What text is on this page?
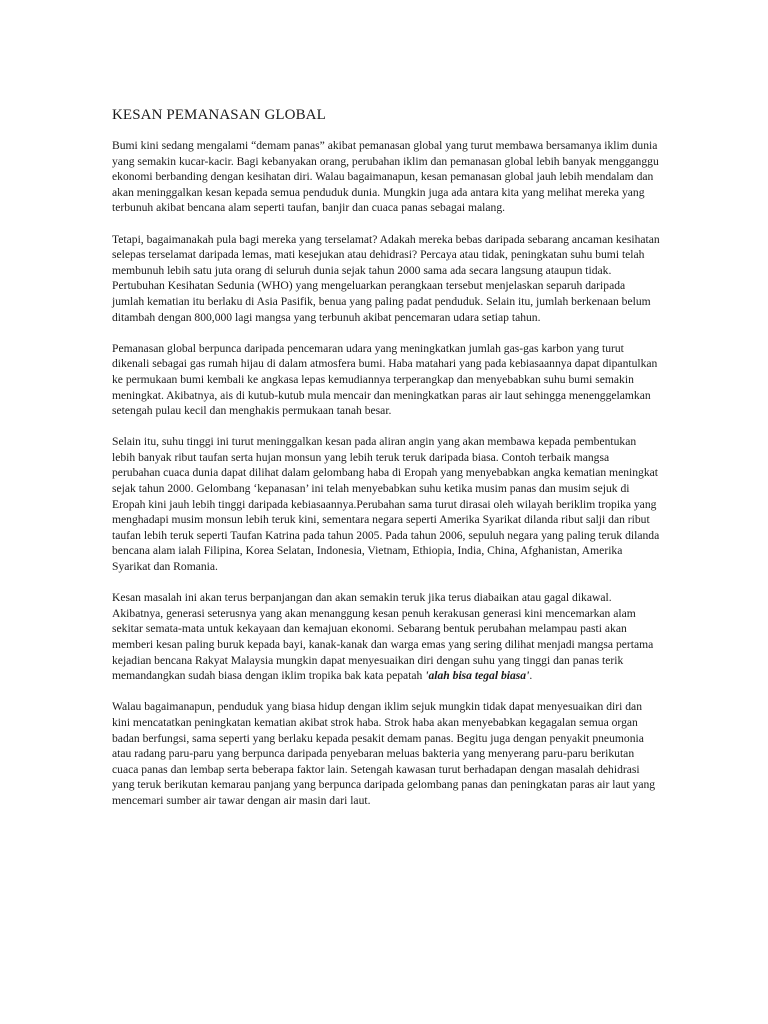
KESAN PEMANASAN GLOBAL

Bumi kini sedang mengalami “demam panas” akibat pemanasan global yang turut membawa bersamanya iklim dunia yang semakin kucar-kacir. Bagi kebanyakan orang, perubahan iklim dan pemanasan global lebih banyak mengganggu ekonomi berbanding dengan kesihatan diri. Walau bagaimanapun, kesan pemanasan global jauh lebih mendalam dan akan meninggalkan kesan kepada semua penduduk dunia. Mungkin juga ada antara kita yang melihat mereka yang terbunuh akibat bencana alam seperti taufan, banjir dan cuaca panas sebagai malang.

Tetapi, bagaimanakah pula bagi mereka yang terselamat? Adakah mereka bebas daripada sebarang ancaman kesihatan selepas terselamat daripada lemas, mati kesejukan atau dehidrasi? Percaya atau tidak, peningkatan suhu bumi telah membunuh lebih satu juta orang di seluruh dunia sejak tahun 2000 sama ada secara langsung ataupun tidak. Pertubuhan Kesihatan Sedunia (WHO) yang mengeluarkan perangkaan tersebut menjelaskan separuh daripada jumlah kematian itu berlaku di Asia Pasifik, benua yang paling padat penduduk. Selain itu, jumlah berkenaan belum ditambah dengan 800,000 lagi mangsa yang terbunuh akibat pencemaran udara setiap tahun.

Pemanasan global berpunca daripada pencemaran udara yang meningkatkan jumlah gas-gas karbon yang turut dikenali sebagai gas rumah hijau di dalam atmosfera bumi. Haba matahari yang pada kebiasaannya dapat dipantulkan ke permukaan bumi kembali ke angkasa lepas kemudiannya terperangkap dan menyebabkan suhu bumi semakin meningkat. Akibatnya, ais di kutub-kutub mula mencair dan meningkatkan paras air laut sehingga menenggelamkan setengah pulau kecil dan menghakis permukaan tanah besar.

Selain itu, suhu tinggi ini turut meninggalkan kesan pada aliran angin yang akan membawa kepada pembentukan lebih banyak ribut taufan serta hujan monsun yang lebih teruk teruk daripada biasa. Contoh terbaik mangsa perubahan cuaca dunia dapat dilihat dalam gelombang haba di Eropah yang menyebabkan angka kematian meningkat sejak tahun 2000. Gelombang ‘kepanasan’ ini telah menyebabkan suhu ketika musim panas dan musim sejuk di Eropah kini jauh lebih tinggi daripada kebiasaannya.Perubahan sama turut dirasai oleh wilayah beriklim tropika yang menghadapi musim monsun lebih teruk kini, sementara negara seperti Amerika Syarikat dilanda ribut salji dan ribut taufan lebih teruk seperti Taufan Katrina pada tahun 2005. Pada tahun 2006, sepuluh negara yang paling teruk dilanda bencana alam ialah Filipina, Korea Selatan, Indonesia, Vietnam, Ethiopia, India, China, Afghanistan, Amerika Syarikat dan Romania.

Kesan masalah ini akan terus berpanjangan dan akan semakin teruk jika terus diabaikan atau gagal dikawal. Akibatnya, generasi seterusnya yang akan menanggung kesan penuh kerakusan generasi kini mencemarkan alam sekitar semata-mata untuk kekayaan dan kemajuan ekonomi. Sebarang bentuk perubahan melampau pasti akan memberi kesan paling buruk kepada bayi, kanak-kanak dan warga emas yang sering dilihat menjadi mangsa pertama kejadian bencana Rakyat Malaysia mungkin dapat menyesuaikan diri dengan suhu yang tinggi dan panas terik memandangkan sudah biasa dengan iklim tropika bak kata pepatah 'alah bisa tegal biasa'.

Walau bagaimanapun, penduduk yang biasa hidup dengan iklim sejuk mungkin tidak dapat menyesuaikan diri dan kini mencatatkan peningkatan kematian akibat strok haba. Strok haba akan menyebabkan kegagalan semua organ badan berfungsi, sama seperti yang berlaku kepada pesakit demam panas. Begitu juga dengan penyakit pneumonia atau radang paru-paru yang berpunca daripada penyebaran meluas bakteria yang menyerang paru-paru berikutan cuaca panas dan lembap serta beberapa faktor lain. Setengah kawasan turut berhadapan dengan masalah dehidrasi yang teruk berikutan kemarau panjang yang berpunca daripada gelombang panas dan peningkatan paras air laut yang mencemari sumber air tawar dengan air masin dari laut.
